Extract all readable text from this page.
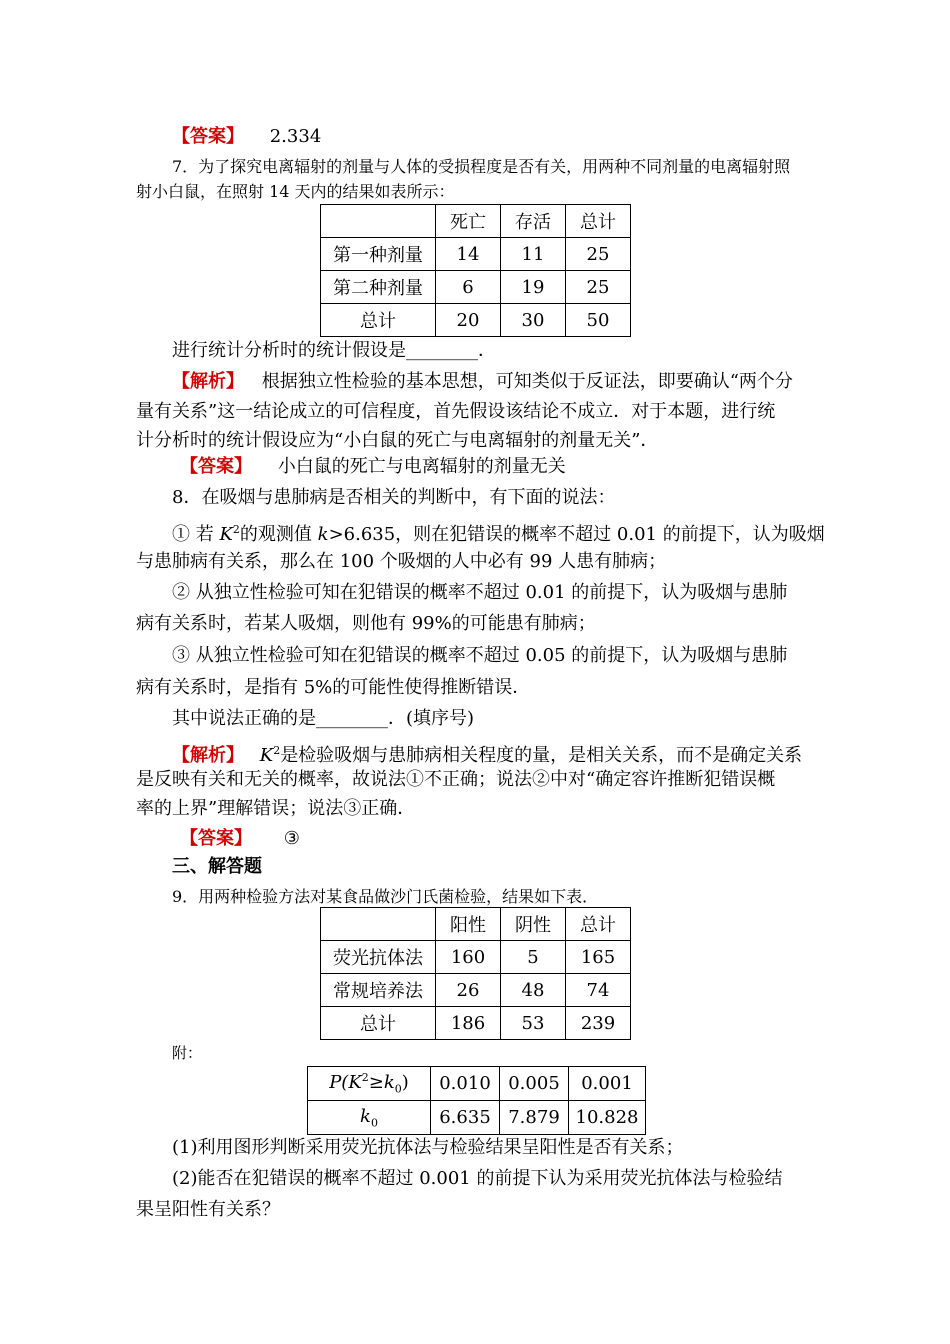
【答案】 2.334
7．为了探究电离辐射的剂量与人体的受损程度是否有关，用两种不同剂量的电离辐射照
射小白鼠，在照射 14 天内的结果如表所示：
	死亡	存活	总计
第一种剂量	14	11	25
第二种剂量	6	19	25
总计	20	30	50
进行统计分析时的统计假设是________．
【解析】 根据独立性检验的基本思想，可知类似于反证法，即要确认“两个分
量有关系”这一结论成立的可信程度，首先假设该结论不成立．对于本题，进行统
计分析时的统计假设应为“小白鼠的死亡与电离辐射的剂量无关”．
【答案】 小白鼠的死亡与电离辐射的剂量无关
8．在吸烟与患肺病是否相关的判断中，有下面的说法：
① 若 $K^2$的观测值 k>6.635，则在犯错误的概率不超过 0.01 的前提下，认为吸烟
与患肺病有关系，那么在 100 个吸烟的人中必有 99 人患有肺病；
② 从独立性检验可知在犯错误的概率不超过 0.01 的前提下，认为吸烟与患肺
病有关系时，若某人吸烟，则他有 99%的可能患有肺病；
③ 从独立性检验可知在犯错误的概率不超过 0.05 的前提下，认为吸烟与患肺
病有关系时，是指有 5%的可能性使得推断错误．
其中说法正确的是________．(填序号)
【解析】 $K^2$是检验吸烟与患肺病相关程度的量，是相关关系，而不是确定关系
是反映有关和无关的概率，故说法①不正确；说法②中对“确定容许推断犯错误概
率的上界”理解错误；说法③正确．
【答案】 ③
三、解答题
9．用两种检验方法对某食品做沙门氏菌检验，结果如下表．
	阳性	阴性	总计
荧光抗体法	160	5	165
常规培养法	26	48	74
总计	186	53	239
附：
$P(K^2\ge k_0)$	0.010	0.005	0.001
$k_0$	6.635	7.879	10.828
(1)利用图形判断采用荧光抗体法与检验结果呈阳性是否有关系；
(2)能否在犯错误的概率不超过 0.001 的前提下认为采用荧光抗体法与检验结
果呈阳性有关系？
